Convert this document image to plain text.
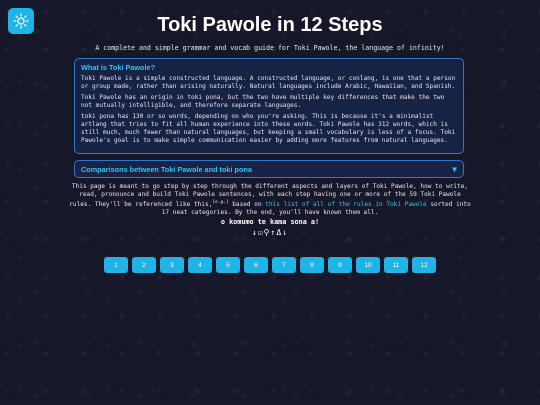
Toki Pawole in 12 Steps
A complete and simple grammar and vocab guide for Toki Pawole, the language of infinity!
What is Toki Pawole?

Toki Pawole is a simple constructed language. A constructed language, or conlang, is one that a person or group made, rather than arising naturally. Natural languages include Arabic, Hawaiian, and Spanish.

Toki Pawole has an origin in toki pona, but the two have multiple key differences that make the two not mutually intelligible, and therefore separate languages.

toki pona has 130 or so words, depending on who you're asking. This is because it's a minimalist artlang that tries to fit all human experience into these words. Toki Pawole has 312 words, which is still much, much fewer than natural languages, but keeping a small vocabulary is less of a focus. Toki Pawole's goal is to make simple communication easier by adding more features from natural languages.

Comparisons between Toki Pawole and toki pona	▼
This page is meant to go step by step through the different aspects and layers of Toki Pawole, how to write, read, pronounce and build Toki Pawole sentences, with each step having one or more of the 59 Toki Pawole rules. They'll be referenced like this,[e.g.] based on this list of all of the rules in Toki Pawole sorted into 17 neat categories. By the end, you'll have known them all.
o komumo te kama sona a!
↓☑⚲↑Δ⇂
1	2	3	4	5	6	7	8	9	10	11	12
